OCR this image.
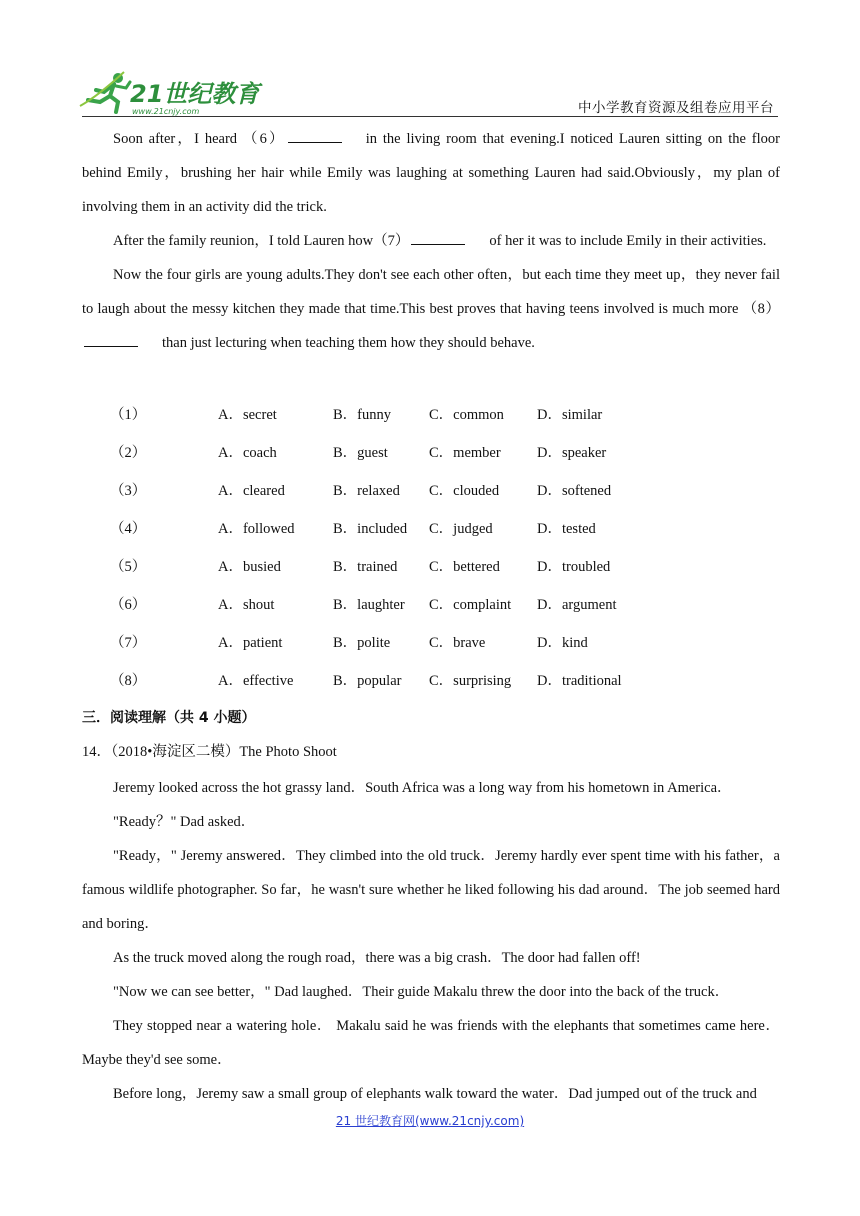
21世纪教育
www.21cnjy.com	中小学教育资源及组卷应用平台

Soon after，I heard （6）	in the living room that evening.I noticed Lauren sitting on the floor behind Emily，brushing her hair while Emily was laughing at something Lauren had said.Obviously，my plan of involving them in an activity did the trick.

After the family reunion，I told Lauren how（7）	of her it was to include Emily in their activities.

Now the four girls are young adults.They don't see each other often，but each time they meet up，they never fail to laugh about the messy kitchen they made that time.This best proves that having teens involved is much more （8）than just lecturing when teaching them how they should behave.

（1）	A．secret	B．funny	C．common D．similar
（2）	A．coach	B．guest	C．member	D．speaker
（3）	A．cleared	B．relaxed C．clouded	D．softened
（4）	A．followed	B．included C．judged	D．tested
（5）	A．busied	B．trained C．bettered	D．troubled
（6）	A．shout	B．laughter C．complaint D．argument
（7）	A．patient	B．polite	C．brave	D．kind
（8）	A．effective	B．popular C．surprising D．traditional
三．阅读理解（共 4 小题）
14．（2018•海淀区二模）The Photo Shoot

Jeremy looked across the hot grassy land．South Africa was a long way from his hometown in America．

"Ready？" Dad asked．

"Ready，" Jeremy answered．They climbed into the old truck．Jeremy hardly ever spent time with his father，a famous wildlife photographer. So far，he wasn't sure whether he liked following his dad around．The job seemed hard and boring．

As the truck moved along the rough road，there was a big crash．The door had fallen off!

"Now we can see better，" Dad laughed．Their guide Makalu threw the door into the back of the truck．

They stopped near a watering hole． Makalu said he was friends with the elephants that sometimes came here．Maybe they'd see some．

Before long，Jeremy saw a small group of elephants walk toward the water．Dad jumped out of the truck and

21 世纪教育网(www.21cnjy.com)
